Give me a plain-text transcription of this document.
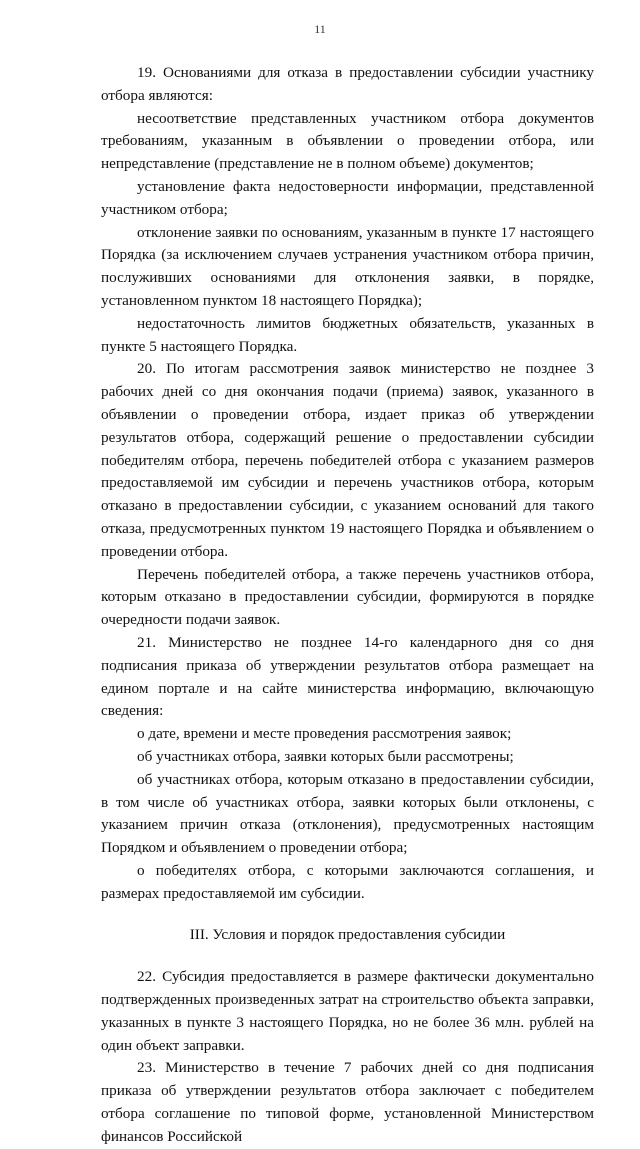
11

19. Основаниями для отказа в предоставлении субсидии участнику отбора являются:

несоответствие представленных участником отбора документов требованиям, указанным в объявлении о проведении отбора, или непредставление (представление не в полном объеме) документов;

установление факта недостоверности информации, представленной участником отбора;

отклонение заявки по основаниям, указанным в пункте 17 настоящего Порядка (за исключением случаев устранения участником отбора причин, послуживших основаниями для отклонения заявки, в порядке, установленном пунктом 18 настоящего Порядка);

недостаточность лимитов бюджетных обязательств, указанных в пункте 5 настоящего Порядка.

20. По итогам рассмотрения заявок министерство не позднее 3 рабочих дней со дня окончания подачи (приема) заявок, указанного в объявлении о проведении отбора, издает приказ об утверждении результатов отбора, содержащий решение о предоставлении субсидии победителям отбора, перечень победителей отбора с указанием размеров предоставляемой им субсидии и перечень участников отбора, которым отказано в предоставлении субсидии, с указанием оснований для такого отказа, предусмотренных пунктом 19 настоящего Порядка и объявлением о проведении отбора.

Перечень победителей отбора, а также перечень участников отбора, которым отказано в предоставлении субсидии, формируются в порядке очередности подачи заявок.

21. Министерство не позднее 14-го календарного дня со дня подписания приказа об утверждении результатов отбора размещает на едином портале и на сайте министерства информацию, включающую сведения:

о дате, времени и месте проведения рассмотрения заявок;

об участниках отбора, заявки которых были рассмотрены;

об участниках отбора, которым отказано в предоставлении субсидии, в том числе об участниках отбора, заявки которых были отклонены, с указанием причин отказа (отклонения), предусмотренных настоящим Порядком и объявлением о проведении отбора;

о победителях отбора, с которыми заключаются соглашения, и размерах предоставляемой им субсидии.

III. Условия и порядок предоставления субсидии

22. Субсидия предоставляется в размере фактически документально подтвержденных произведенных затрат на строительство объекта заправки, указанных в пункте 3 настоящего Порядка, но не более 36 млн. рублей на один объект заправки.

23. Министерство в течение 7 рабочих дней со дня подписания приказа об утверждении результатов отбора заключает с победителем отбора соглашение по типовой форме, установленной Министерством финансов Российской
